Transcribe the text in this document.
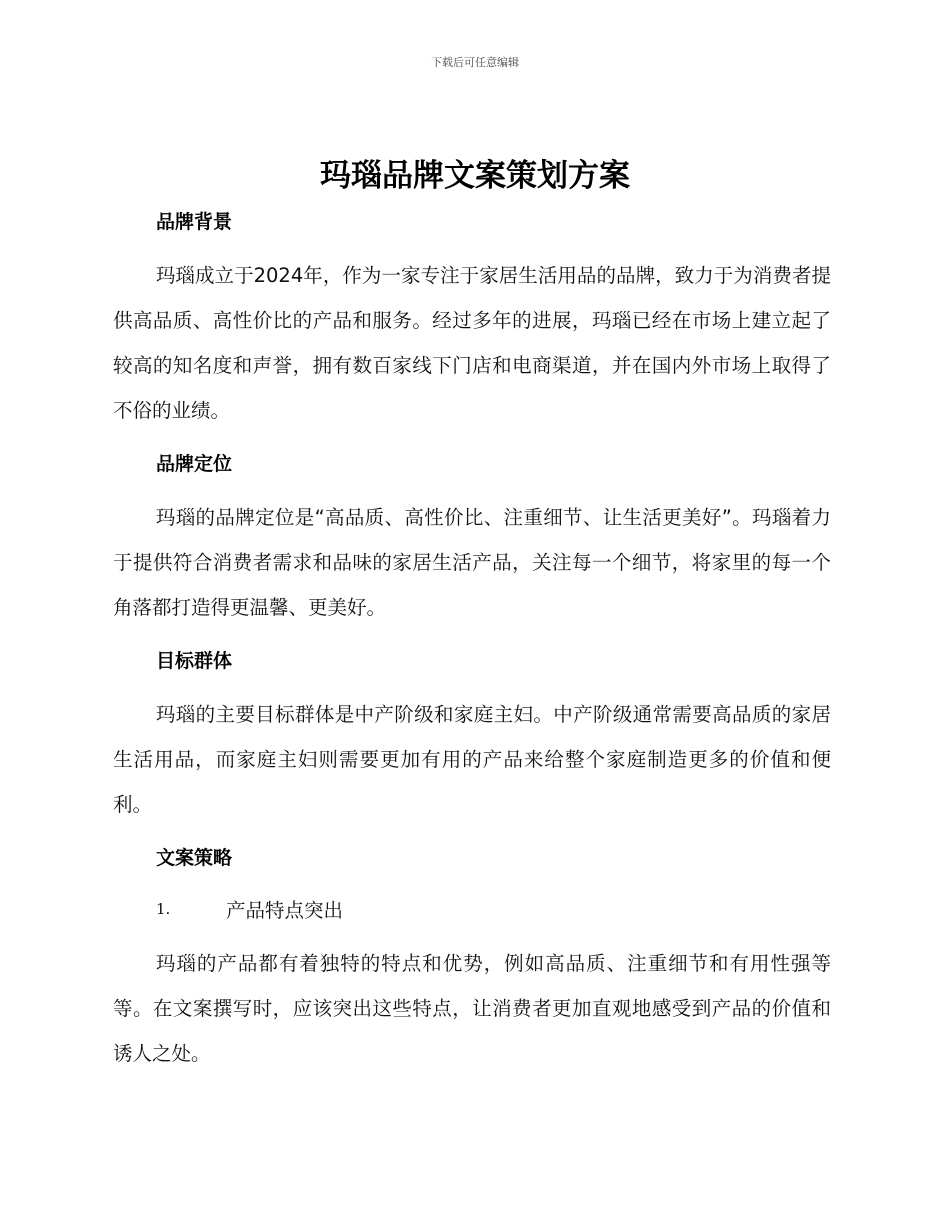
下载后可任意编辑
玛瑙品牌文案策划方案
品牌背景

玛瑙成立于2024年，作为一家专注于家居生活用品的品牌，致力于为消费者提供高品质、高性价比的产品和服务。经过多年的进展，玛瑙已经在市场上建立起了较高的知名度和声誉，拥有数百家线下门店和电商渠道，并在国内外市场上取得了不俗的业绩。

品牌定位

玛瑙的品牌定位是“高品质、高性价比、注重细节、让生活更美好”。玛瑙着力于提供符合消费者需求和品味的家居生活产品，关注每一个细节，将家里的每一个角落都打造得更温馨、更美好。

目标群体

玛瑙的主要目标群体是中产阶级和家庭主妇。中产阶级通常需要高品质的家居生活用品，而家庭主妇则需要更加有用的产品来给整个家庭制造更多的价值和便利。

文案策略
1.	产品特点突出

玛瑙的产品都有着独特的特点和优势，例如高品质、注重细节和有用性强等等。在文案撰写时，应该突出这些特点，让消费者更加直观地感受到产品的价值和诱人之处。
